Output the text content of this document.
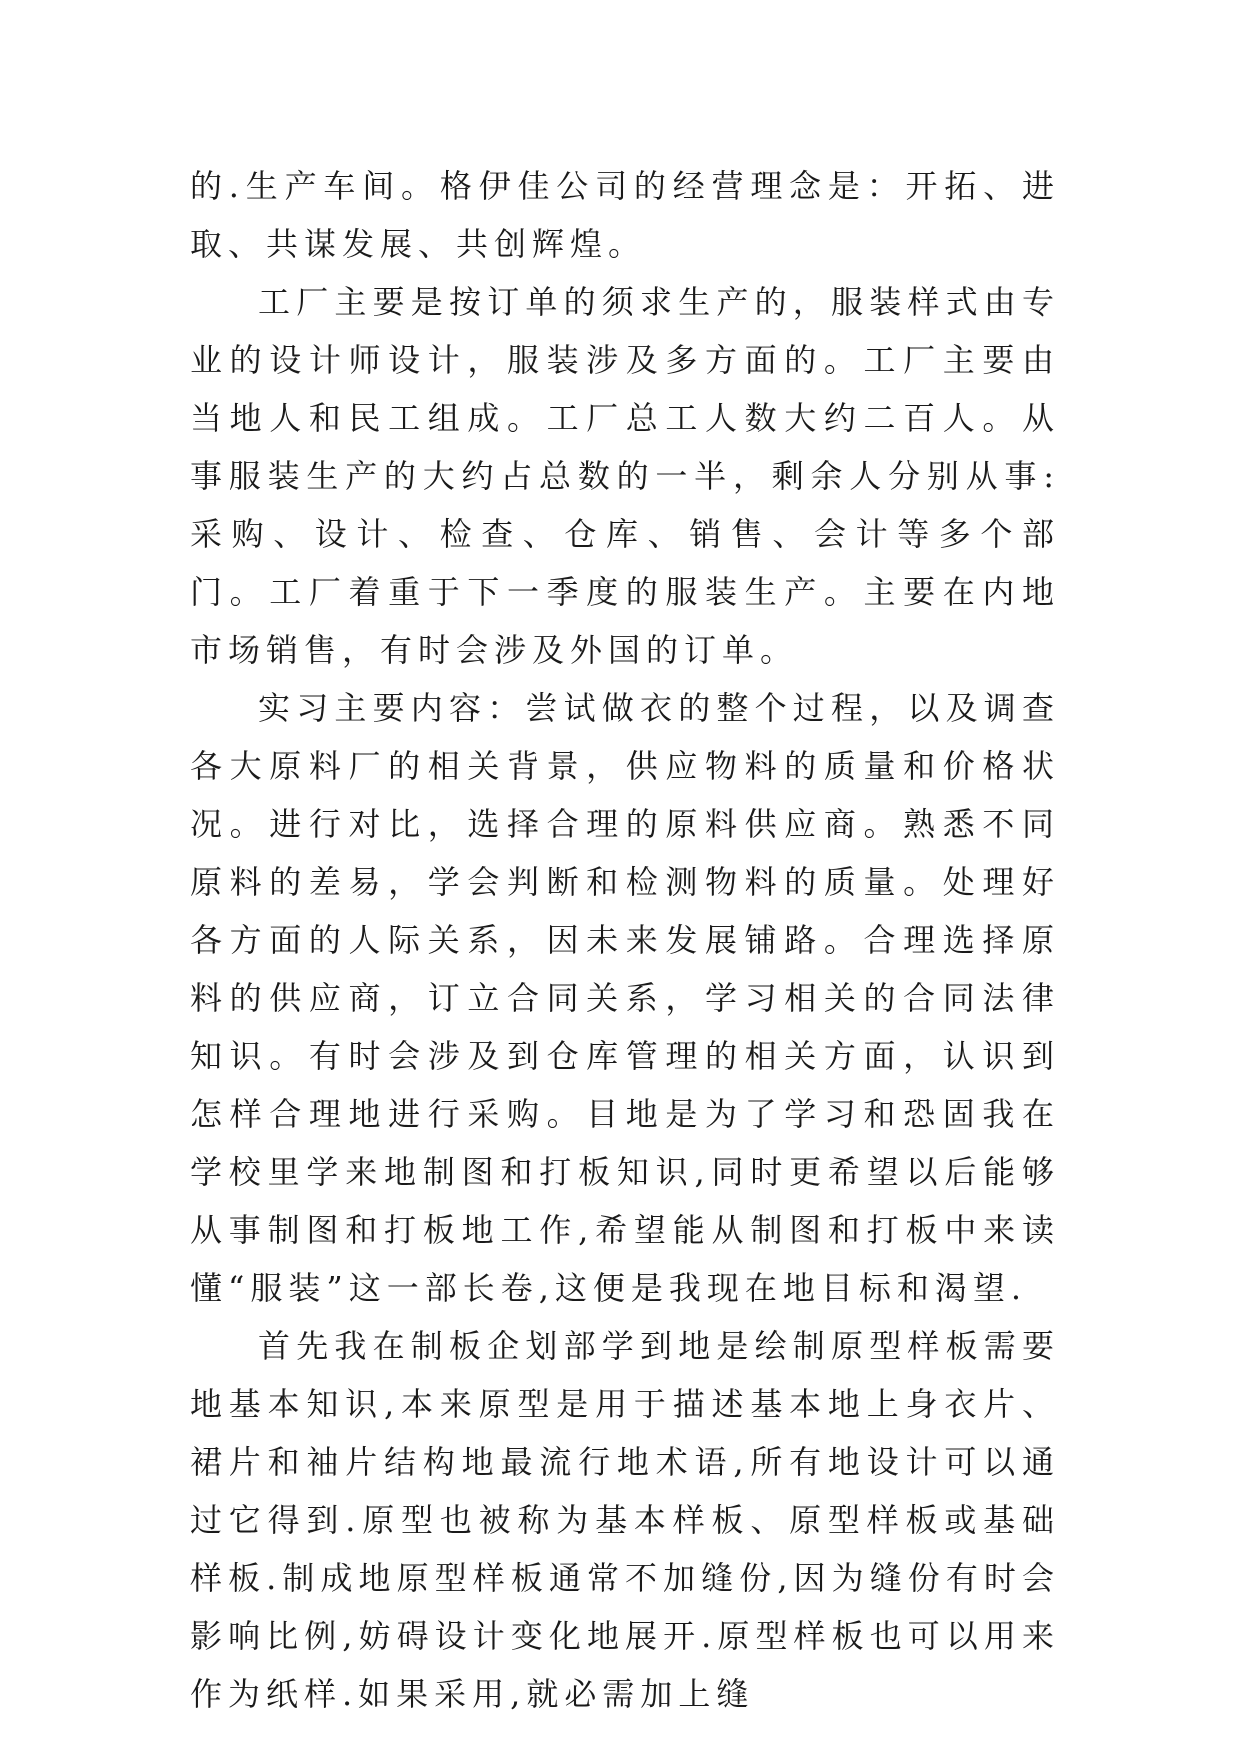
的.生产车间。格伊佳公司的经营理念是：开拓、进取、共谋发展、共创辉煌。

工厂主要是按订单的须求生产的，服装样式由专业的设计师设计，服装涉及多方面的。工厂主要由当地人和民工组成。工厂总工人数大约二百人。从事服装生产的大约占总数的一半，剩余人分别从事:采购、设计、检查、仓库、销售、会计等多个部门。工厂着重于下一季度的服装生产。主要在内地市场销售，有时会涉及外国的订单。

实习主要内容：尝试做衣的整个过程，以及调查各大原料厂的相关背景，供应物料的质量和价格状况。进行对比，选择合理的原料供应商。熟悉不同原料的差易，学会判断和检测物料的质量。处理好各方面的人际关系，因未来发展铺路。合理选择原料的供应商，订立合同关系，学习相关的合同法律知识。有时会涉及到仓库管理的相关方面，认识到怎样合理地进行采购。目地是为了学习和恐固我在学校里学来地制图和打板知识,同时更希望以后能够从事制图和打板地工作,希望能从制图和打板中来读懂“服装”这一部长卷,这便是我现在地目标和渴望.

首先我在制板企划部学到地是绘制原型样板需要地基本知识,本来原型是用于描述基本地上身衣片、裙片和袖片结构地最流行地术语,所有地设计可以通过它得到.原型也被称为基本样板、原型样板或基础样板.制成地原型样板通常不加缝份,因为缝份有时会影响比例,妨碍设计变化地展开.原型样板也可以用来作为纸样.如果采用,就必需加上缝
